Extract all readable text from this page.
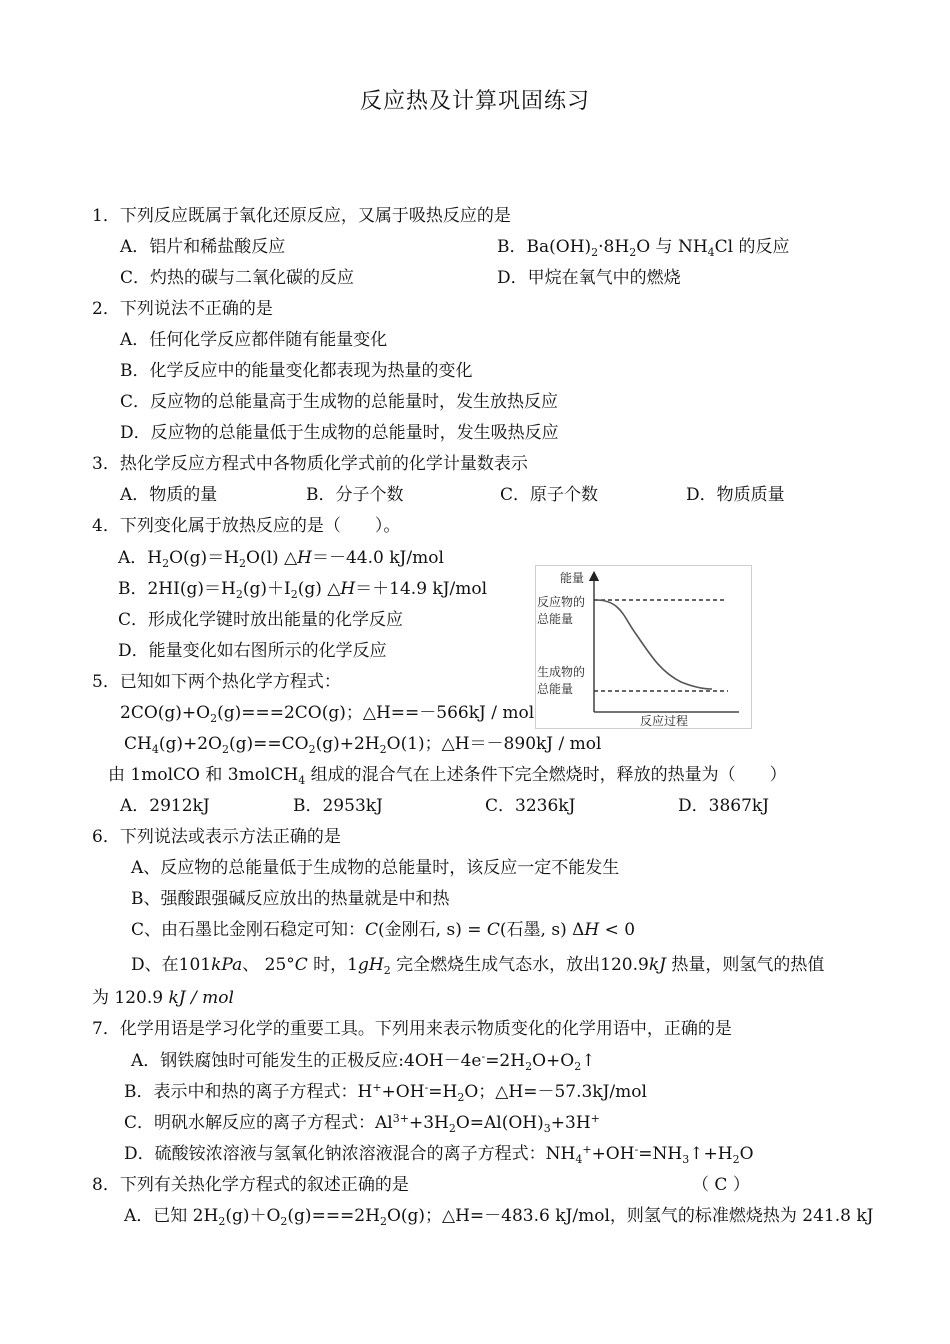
反应热及计算巩固练习
1．下列反应既属于氧化还原反应，又属于吸热反应的是
A．铝片和稀盐酸反应	B．$Ba(OH)_2\cdot 8H_2O$ 与 $NH_4Cl$ 的反应
C．灼热的碳与二氧化碳的反应	D．甲烷在氧气中的燃烧
2．下列说法不正确的是
A．任何化学反应都伴随有能量变化
B．化学反应中的能量变化都表现为热量的变化
C．反应物的总能量高于生成物的总能量时，发生放热反应
D．反应物的总能量低于生成物的总能量时，发生吸热反应
3．热化学反应方程式中各物质化学式前的化学计量数表示
A．物质的量	B．分子个数	C．原子个数	D．物质质量
4．下列变化属于放热反应的是（　　）。
A．$H_2O(g)=H_2O(l)$ △H＝－44.0 kJ/mol
B．$2HI(g)=H_2(g)+I_2(g)$ △H＝＋14.9 kJ/mol
C．形成化学键时放出能量的化学反应
D．能量变化如右图所示的化学反应
能量
反应物的
总能量
生成物的
总能量
反应过程
5．已知如下两个热化学方程式：
$2CO(g)+O_2(g)===2CO(g)$；△H==－566kJ / mol
$CH_4(g)+2O_2(g)==CO_2(g)+2H_2O(1)$；△H＝－890kJ / mol
由 1molCO 和 3molCH$_4$ 组成的混合气在上述条件下完全燃烧时，释放的热量为（　　）
A．2912kJ	B．2953kJ	C．3236kJ	D．3867kJ
6．下列说法或表示方法正确的是
A、反应物的总能量低于生成物的总能量时，该反应一定不能发生
B、强酸跟强碱反应放出的热量就是中和热
C、由石墨比金刚石稳定可知：C(金刚石, s) = C(石墨, s) ΔH < 0
D、在101kPa、 25°C 时，$1gH_2$ 完全燃烧生成气态水，放出120.9kJ 热量，则氢气的热值
为 120.9 kJ / mol
7．化学用语是学习化学的重要工具。下列用来表示物质变化的化学用语中，正确的是
A．钢铁腐蚀时可能发生的正极反应$:4OH-4e^-=2H_2O+O_2↑$
B．表示中和热的离子方程式：$H^++OH^-=H_2O$；△H=－57.3kJ/mol
C．明矾水解反应的离子方程式：$Al^{3+}+3H_2O=Al(OH)_3+3H^+$
D．硫酸铵浓溶液与氢氧化钠浓溶液混合的离子方程式：$NH_4^++OH^-=NH_3↑+H_2O$
8．下列有关热化学方程式的叙述正确的是	（ C ）
A．已知 $2H_2(g)+O_2(g)===2H_2O(g)$；△H=－483.6 kJ/mol，则氢气的标准燃烧热为 241.8 kJ
